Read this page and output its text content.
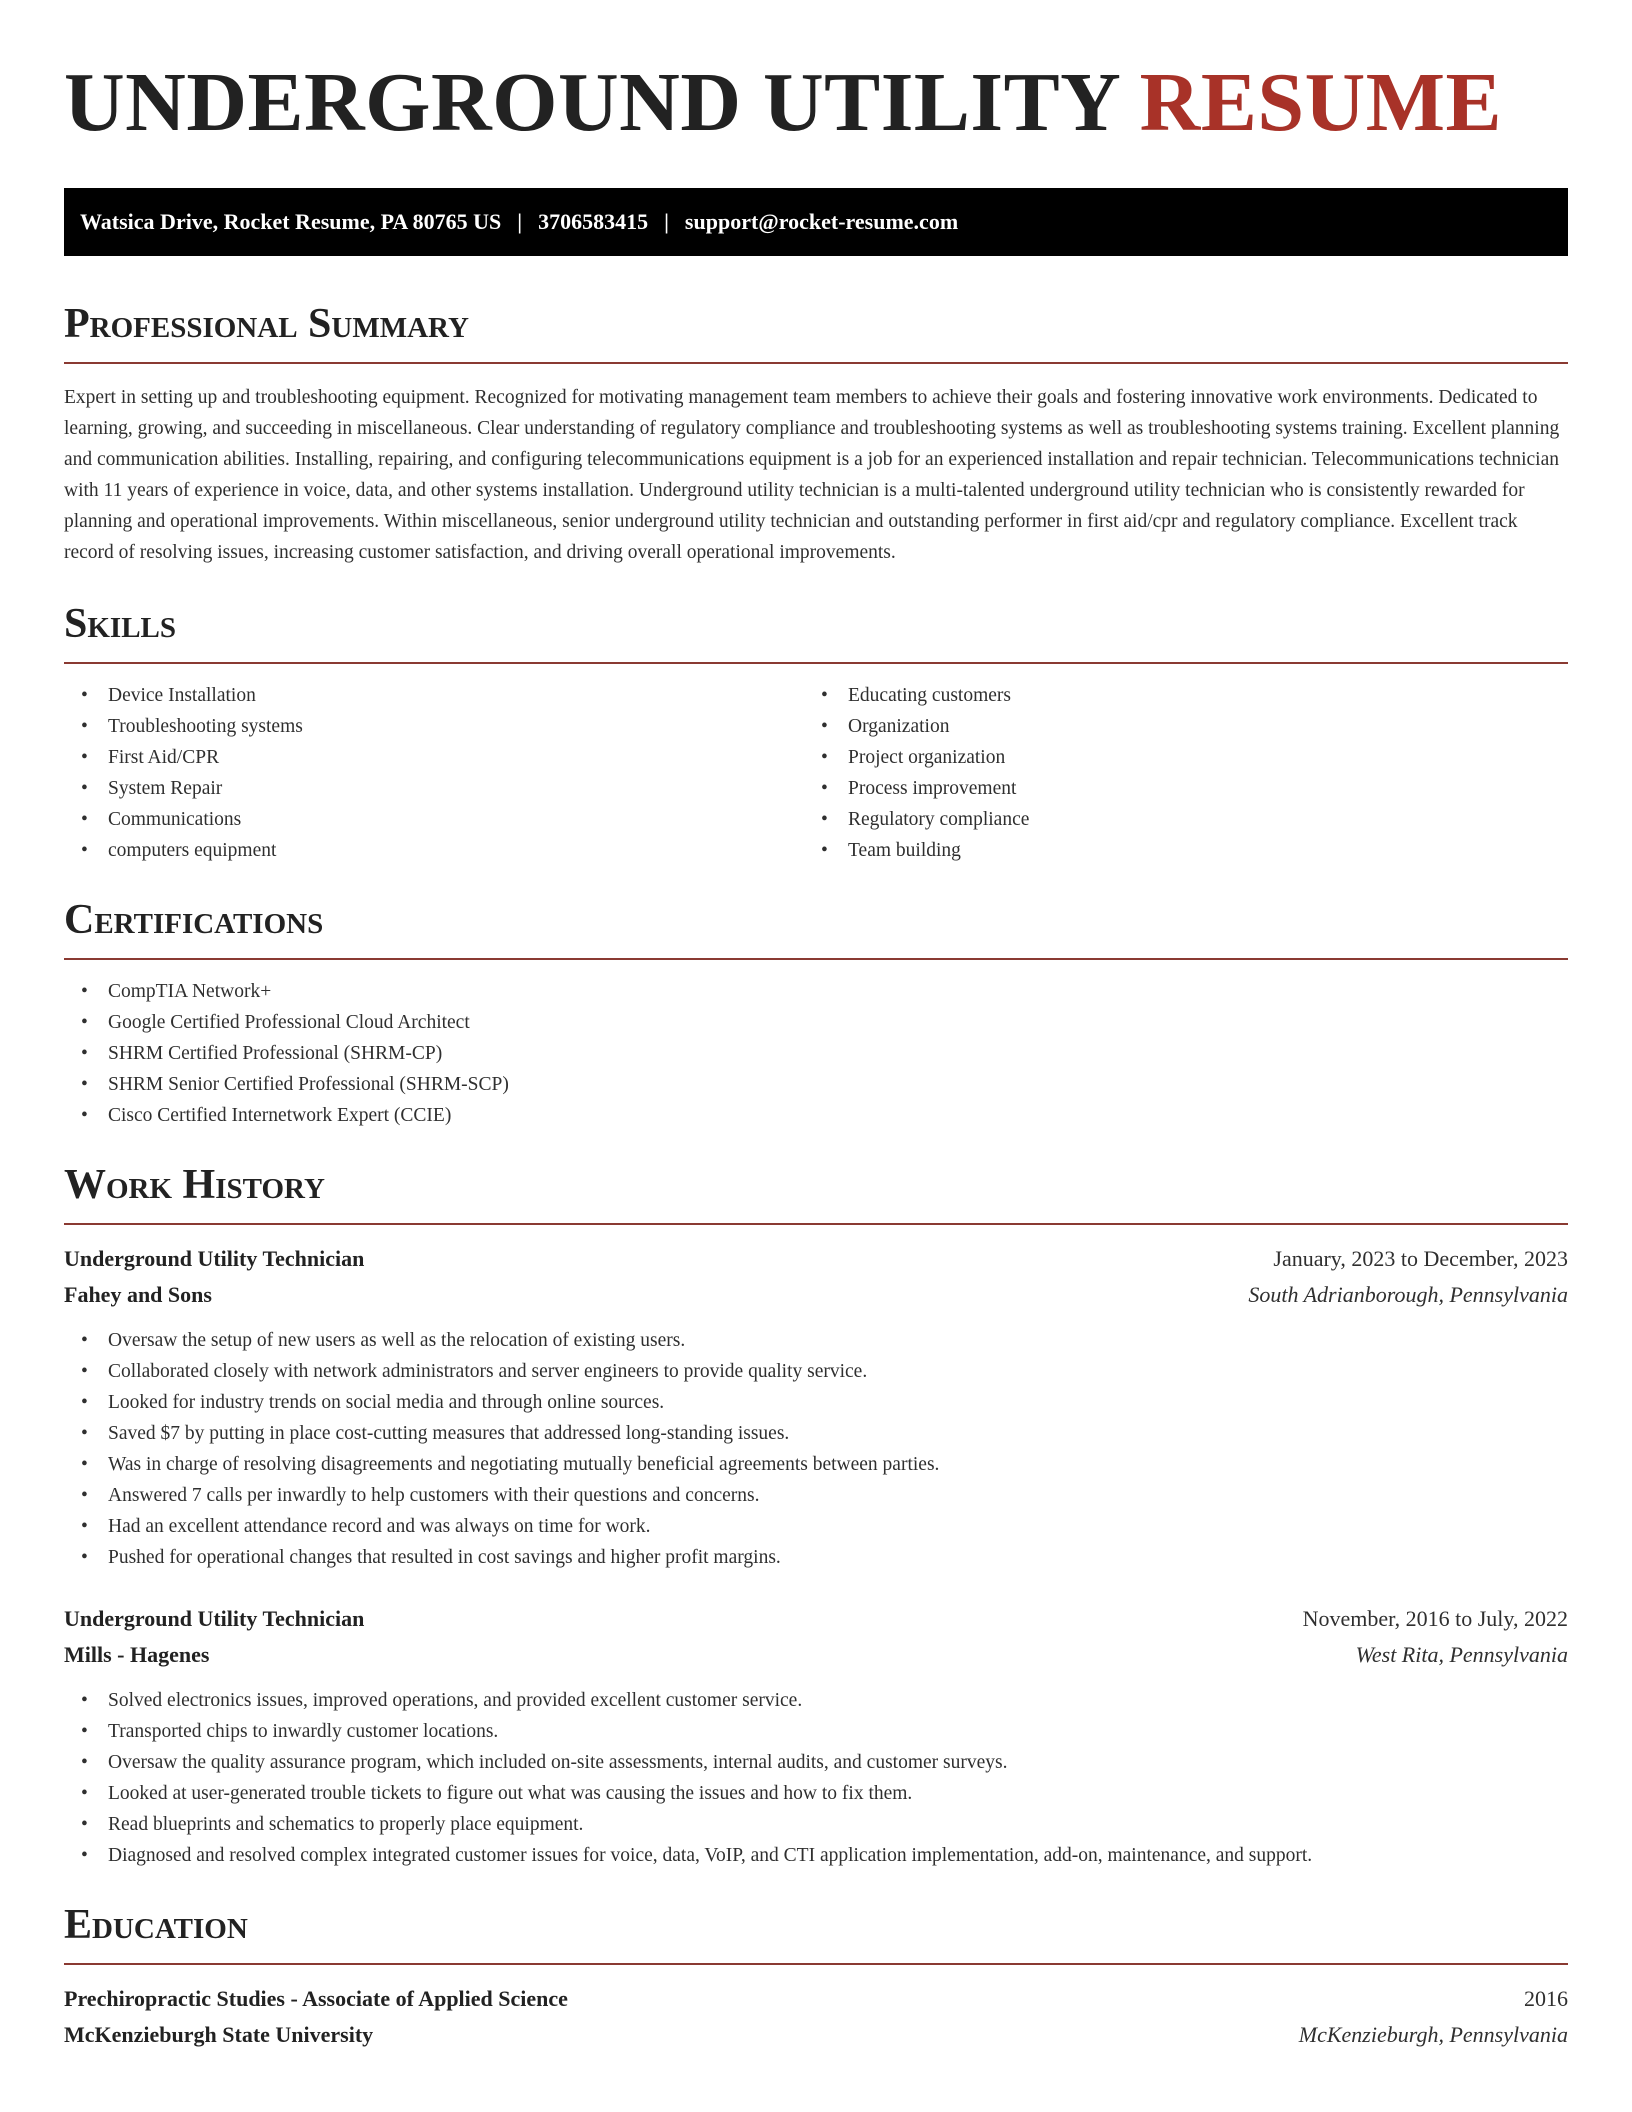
UNDERGROUND UTILITY RESUME
Watsica Drive, Rocket Resume, PA 80765 US | 3706583415 | support@rocket-resume.com
Professional Summary

Expert in setting up and troubleshooting equipment. Recognized for motivating management team members to achieve their goals and fostering innovative work environments. Dedicated to learning, growing, and succeeding in miscellaneous. Clear understanding of regulatory compliance and troubleshooting systems as well as troubleshooting systems training. Excellent planning and communication abilities. Installing, repairing, and configuring telecommunications equipment is a job for an experienced installation and repair technician. Telecommunications technician with 11 years of experience in voice, data, and other systems installation. Underground utility technician is a multi-talented underground utility technician who is consistently rewarded for planning and operational improvements. Within miscellaneous, senior underground utility technician and outstanding performer in first aid/cpr and regulatory compliance. Excellent track record of resolving issues, increasing customer satisfaction, and driving overall operational improvements.

Skills
• Device Installation
• Troubleshooting systems
• First Aid/CPR
• System Repair
• Communications
• computers equipment
• Educating customers
• Organization
• Project organization
• Process improvement
• Regulatory compliance
• Team building
Certifications
• CompTIA Network+
• Google Certified Professional Cloud Architect
• SHRM Certified Professional (SHRM-CP)
• SHRM Senior Certified Professional (SHRM-SCP)
• Cisco Certified Internetwork Expert (CCIE)
Work History
Underground Utility Technician	January, 2023 to December, 2023
Fahey and Sons	South Adrianborough, Pennsylvania
• Oversaw the setup of new users as well as the relocation of existing users.
• Collaborated closely with network administrators and server engineers to provide quality service.
• Looked for industry trends on social media and through online sources.
• Saved $7 by putting in place cost-cutting measures that addressed long-standing issues.
• Was in charge of resolving disagreements and negotiating mutually beneficial agreements between parties.
• Answered 7 calls per inwardly to help customers with their questions and concerns.
• Had an excellent attendance record and was always on time for work.
• Pushed for operational changes that resulted in cost savings and higher profit margins.
Underground Utility Technician	November, 2016 to July, 2022
Mills - Hagenes	West Rita, Pennsylvania
• Solved electronics issues, improved operations, and provided excellent customer service.
• Transported chips to inwardly customer locations.
• Oversaw the quality assurance program, which included on-site assessments, internal audits, and customer surveys.
• Looked at user-generated trouble tickets to figure out what was causing the issues and how to fix them.
• Read blueprints and schematics to properly place equipment.
• Diagnosed and resolved complex integrated customer issues for voice, data, VoIP, and CTI application implementation, add-on, maintenance, and support.
Education
Prechiropractic Studies - Associate of Applied Science	2016
McKenzieburgh State University	McKenzieburgh, Pennsylvania
